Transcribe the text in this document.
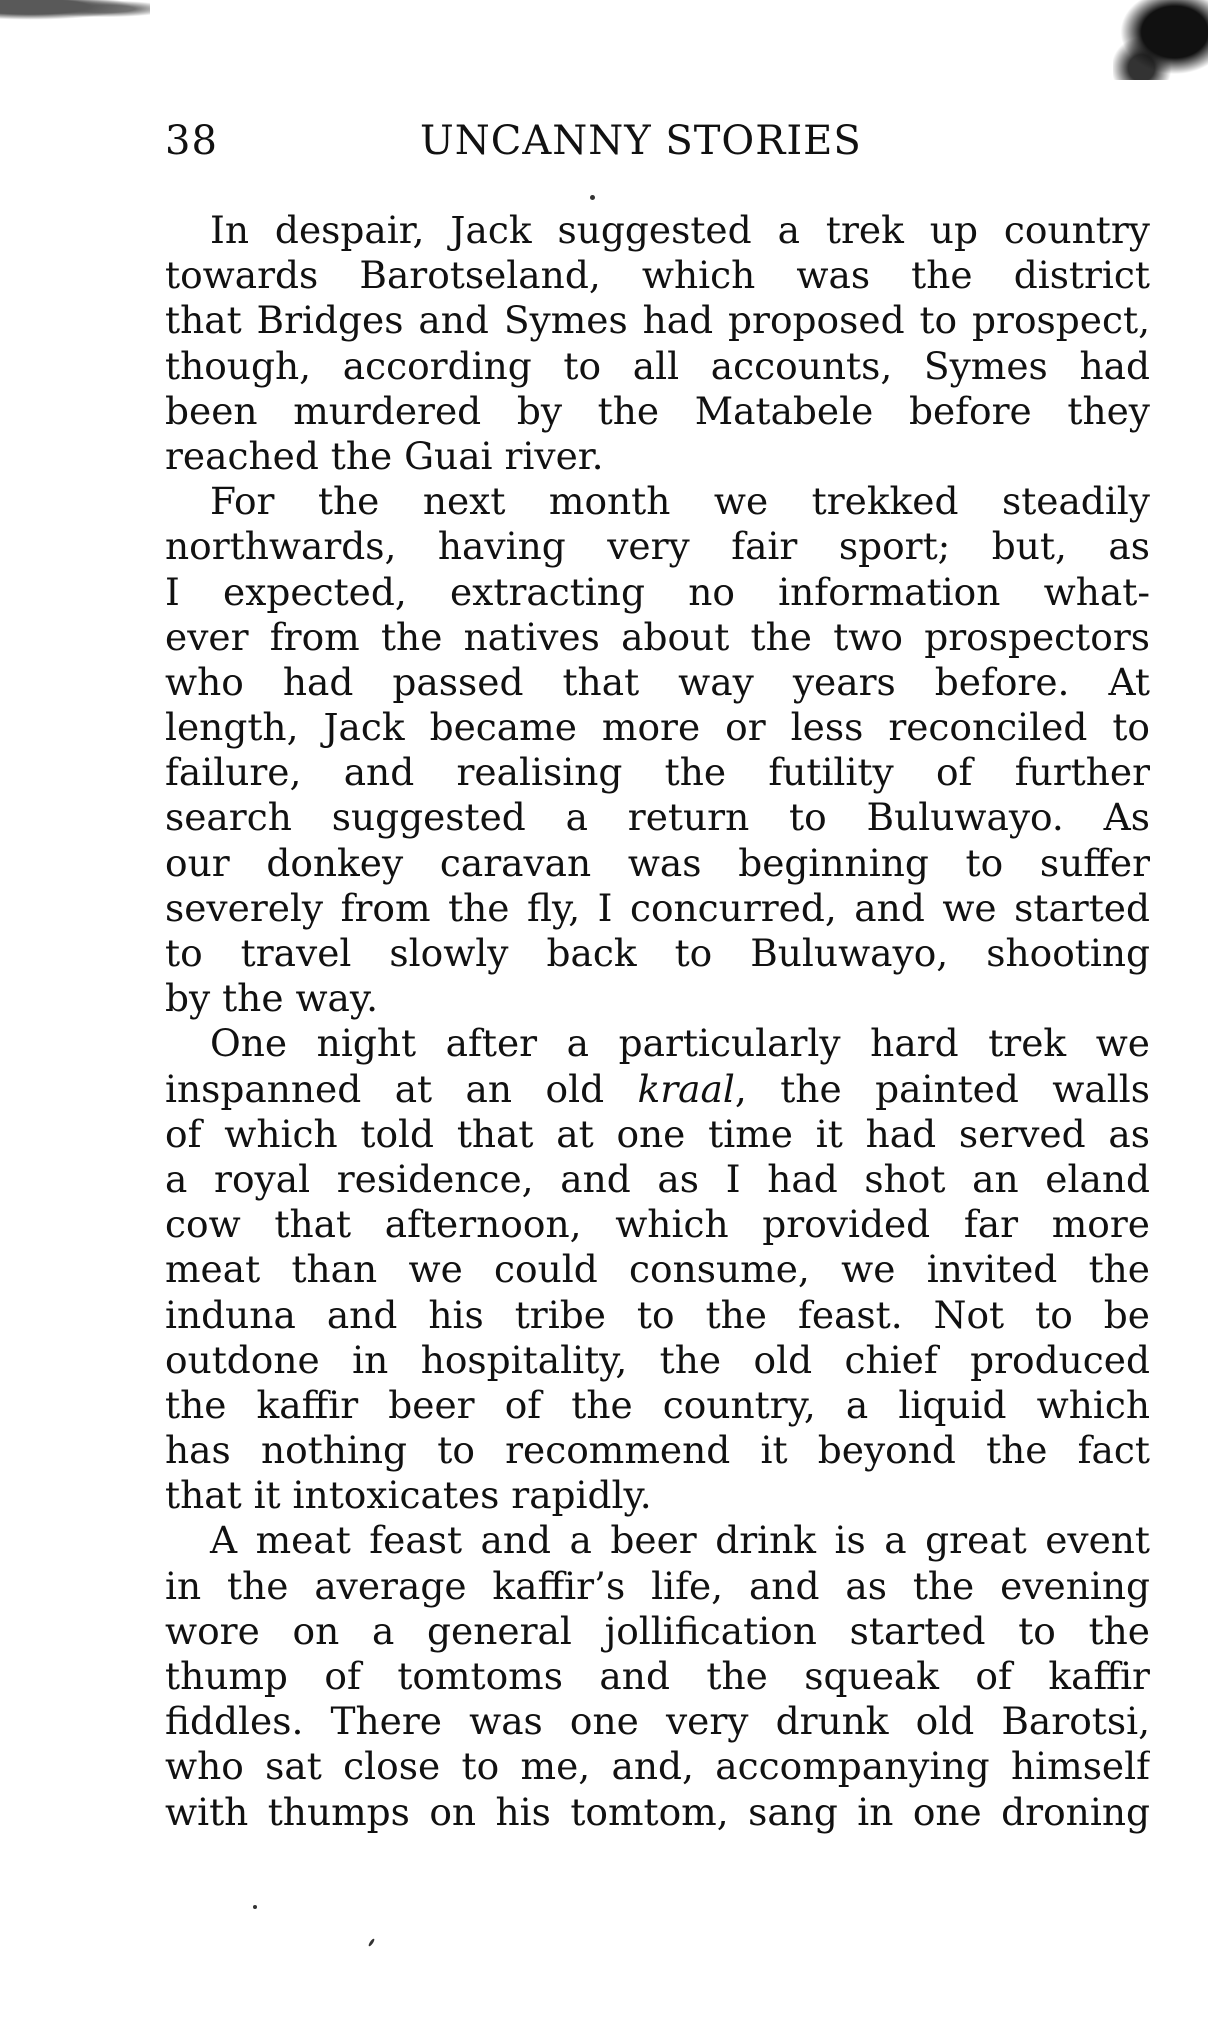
38	UNCANNY STORIES
In despair, Jack suggested a trek up country
towards Barotseland, which was the district
that Bridges and Symes had proposed to prospect,
though, according to all accounts, Symes had
been murdered by the Matabele before they
reached the Guai river.
For the next month we trekked steadily
northwards, having very fair sport; but, as
I expected, extracting no information what-
ever from the natives about the two prospectors
who had passed that way years before. At
length, Jack became more or less reconciled to
failure, and realising the futility of further
search suggested a return to Buluwayo. As
our donkey caravan was beginning to suffer
severely from the fly, I concurred, and we started
to travel slowly back to Buluwayo, shooting
by the way.
One night after a particularly hard trek we
inspanned at an old kraal, the painted walls
of which told that at one time it had served as
a royal residence, and as I had shot an eland
cow that afternoon, which provided far more
meat than we could consume, we invited the
induna and his tribe to the feast. Not to be
outdone in hospitality, the old chief produced
the kaffir beer of the country, a liquid which
has nothing to recommend it beyond the fact
that it intoxicates rapidly.
A meat feast and a beer drink is a great event
in the average kaffir’s life, and as the evening
wore on a general jollification started to the
thump of tomtoms and the squeak of kaffir
fiddles. There was one very drunk old Barotsi,
who sat close to me, and, accompanying himself
with thumps on his tomtom, sang in one droning
